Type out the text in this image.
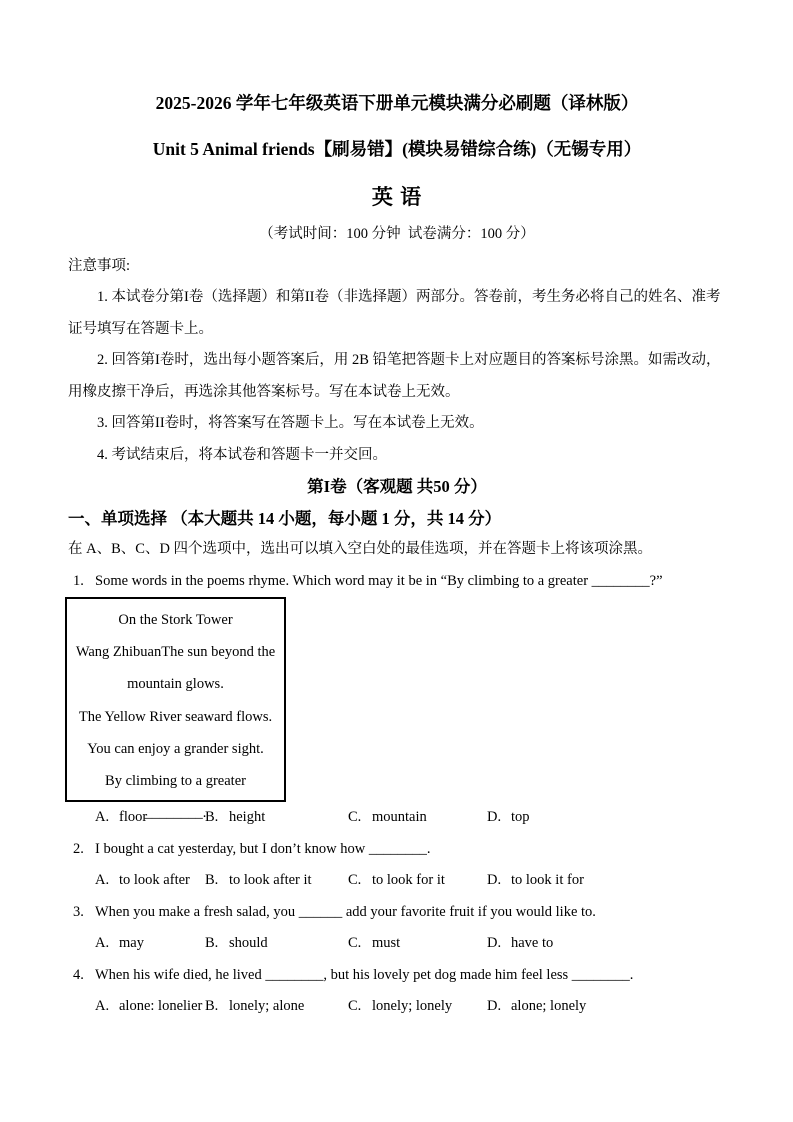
2025-2026 学年七年级英语下册单元模块满分必刷题（译林版）
Unit 5 Animal friends【刷易错】(模块易错综合练)（无锡专用）
英 语
（考试时间：100 分钟  试卷满分：100 分）
注意事项:

1. 本试卷分第I卷（选择题）和第II卷（非选择题）两部分。答卷前，考生务必将自己的姓名、准考证号填写在答题卡上。

2. 回答第I卷时，选出每小题答案后，用 2B 铅笔把答题卡上对应题目的答案标号涂黑。如需改动，用橡皮擦干净后，再选涂其他答案标号。写在本试卷上无效。

3. 回答第II卷时，将答案写在答题卡上。写在本试卷上无效。

4. 考试结束后，将本试卷和答题卡一并交回。

第I卷（客观题 共50 分）
一、单项选择 （本大题共 14 小题，每小题 1 分，共 14 分）
在 A、B、C、D 四个选项中，选出可以填入空白处的最佳选项，并在答题卡上将该项涂黑。
1. Some words in the poems rhyme. Which word may it be in “By climbing to a greater ________?”
On the Stork Tower
Wang ZhibuanThe sun beyond the
mountain glows.
The Yellow River seaward flows.
You can enjoy a grander sight.
By climbing to a greater ________.
A. floor	B. height	C. mountain	D. top
2. I bought a cat yesterday, but I don’t know how ________.
A. to look after B. to look after it	C. to look for it	D. to look it for
3. When you make a fresh salad, you ______ add your favorite fruit if you would like to.
A. may	B. should	C. must	D. have to
4. When his wife died, he lived ________, but his lovely pet dog made him feel less ________.
A. alone: lonelier B. lonely; alone	C. lonely; lonely D. alone; lonely
